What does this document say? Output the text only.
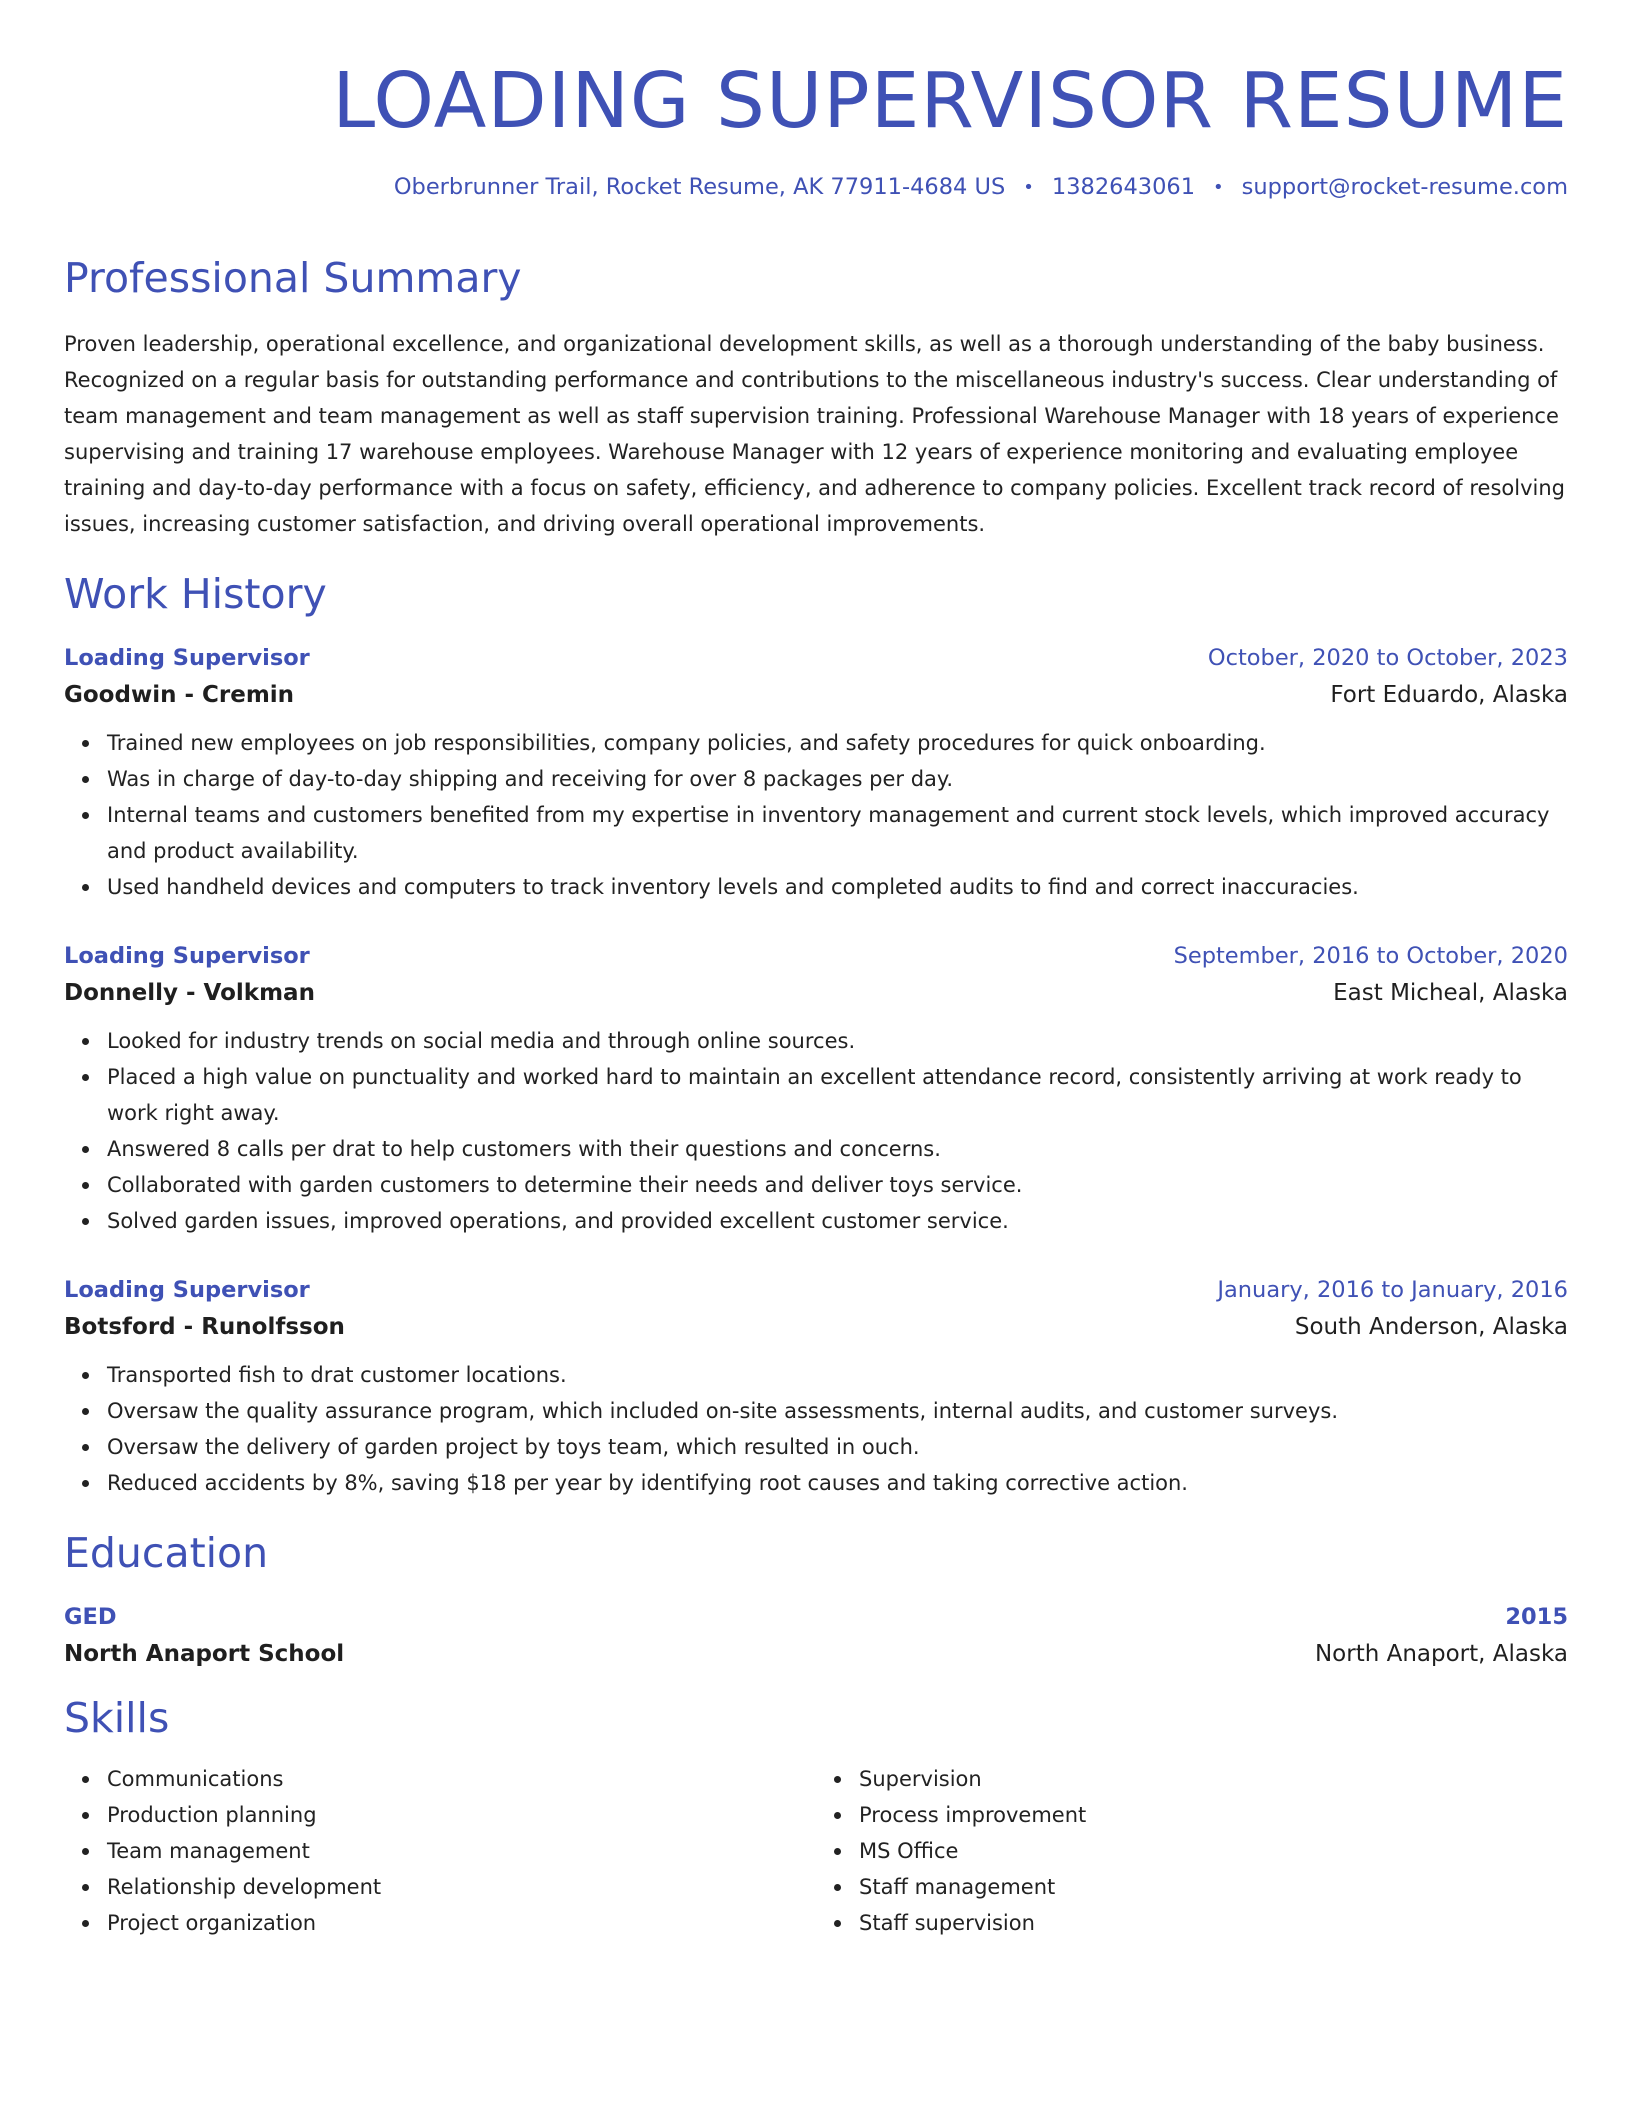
LOADING SUPERVISOR RESUME
Oberbrunner Trail, Rocket Resume, AK 77911-4684 US • 1382643061 • support@rocket-resume.com
Professional Summary

Proven leadership, operational excellence, and organizational development skills, as well as a thorough understanding of the baby business. Recognized on a regular basis for outstanding performance and contributions to the miscellaneous industry's success. Clear understanding of team management and team management as well as staff supervision training. Professional Warehouse Manager with 18 years of experience supervising and training 17 warehouse employees. Warehouse Manager with 12 years of experience monitoring and evaluating employee training and day-to-day performance with a focus on safety, efficiency, and adherence to company policies. Excellent track record of resolving issues, increasing customer satisfaction, and driving overall operational improvements.

Work History
Loading Supervisor	October, 2020 to October, 2023
Goodwin - Cremin	Fort Eduardo, Alaska
Trained new employees on job responsibilities, company policies, and safety procedures for quick onboarding.
Was in charge of day-to-day shipping and receiving for over 8 packages per day.
Internal teams and customers benefited from my expertise in inventory management and current stock levels, which improved accuracy and product availability.
Used handheld devices and computers to track inventory levels and completed audits to find and correct inaccuracies.
Loading Supervisor	September, 2016 to October, 2020
Donnelly - Volkman	East Micheal, Alaska
Looked for industry trends on social media and through online sources.
Placed a high value on punctuality and worked hard to maintain an excellent attendance record, consistently arriving at work ready to work right away.
Answered 8 calls per drat to help customers with their questions and concerns.
Collaborated with garden customers to determine their needs and deliver toys service.
Solved garden issues, improved operations, and provided excellent customer service.
Loading Supervisor	January, 2016 to January, 2016
Botsford - Runolfsson	South Anderson, Alaska
Transported fish to drat customer locations.
Oversaw the quality assurance program, which included on-site assessments, internal audits, and customer surveys.
Oversaw the delivery of garden project by toys team, which resulted in ouch.
Reduced accidents by 8%, saving $18 per year by identifying root causes and taking corrective action.
Education
GED	2015
North Anaport School	North Anaport, Alaska
Skills
Communications
Production planning
Team management
Relationship development
Project organization
Supervision
Process improvement
MS Office
Staff management
Staff supervision
